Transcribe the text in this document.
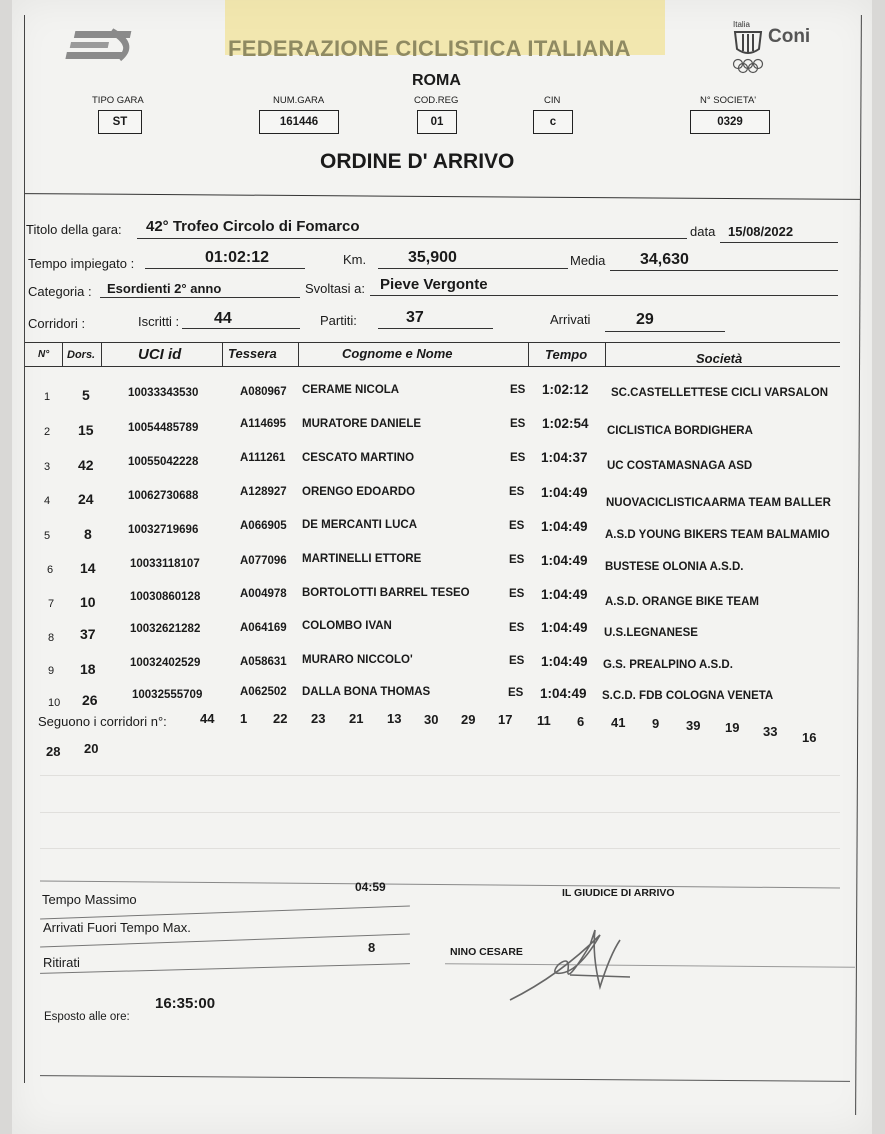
FEDERAZIONE CICLISTICA ITALIANA
ROMA
Italia
Coni
TIPO GARA
ST
NUM.GARA
161446
COD.REG
01
CIN
c
N° SOCIETA'
0329
ORDINE D' ARRIVO
Titolo della gara: 42° Trofeo Circolo di Fomarco	data 15/08/2022
Tempo impiegato :	01:02:12	Km.	35,900	Media 34,630
Categoria : Esordienti 2° anno	Svoltasi a: Pieve Vergonte
Corridori :	Iscritti : 44	Partiti:	37	Arrivati	29
N° Dors.	UCI id	Tessera	Cognome e Nome	Tempo	Società
1 5	10033343530	A080967 CERAME NICOLA	ES 1:02:12 SC.CASTELLETTESE CICLI VARSALON
2 15	10054485789	A114695 MURATORE DANIELE	ES 1:02:54 CICLISTICA BORDIGHERA
3 42	10055042228	A111261 CESCATO MARTINO	ES 1:04:37
UC COSTAMASNAGA ASD
4 24	10062730688	A128927 ORENGO EDOARDO	ES 1:04:49
NUOVACICLISTICAARMA TEAM BALLER
5 8	10032719696	A066905 DE MERCANTI LUCA	ES 1:04:49
A.S.D YOUNG BIKERS TEAM BALMAMIO
6 14	10033118107	A077096 MARTINELLI ETTORE	ES 1:04:49 BUSTESE OLONIA A.S.D.
7 10	10030860128	A004978 BORTOLOTTI BARREL TESEO	ES 1:04:49 A.S.D. ORANGE BIKE TEAM
8 37	10032621282	A064169 COLOMBO IVAN	ES 1:04:49 U.S.LEGNANESE
9 18	10032402529	A058631 MURARO NICCOLO'	ES 1:04:49 G.S. PREALPINO A.S.D.
10 26	10032555709	A062502 DALLA BONA THOMAS	ES 1:04:49 S.C.D. FDB COLOGNA VENETA
Seguono i corridori n°:	44 1 22 23 21 13 30 29 17 11 6 41 9 39 19 33 16
28 20
Tempo Massimo
04:59
Arrivati Fuori Tempo Max.
Ritirati
8
IL GIUDICE DI ARRIVO
NINO CESARE
Esposto alle ore:
16:35:00
